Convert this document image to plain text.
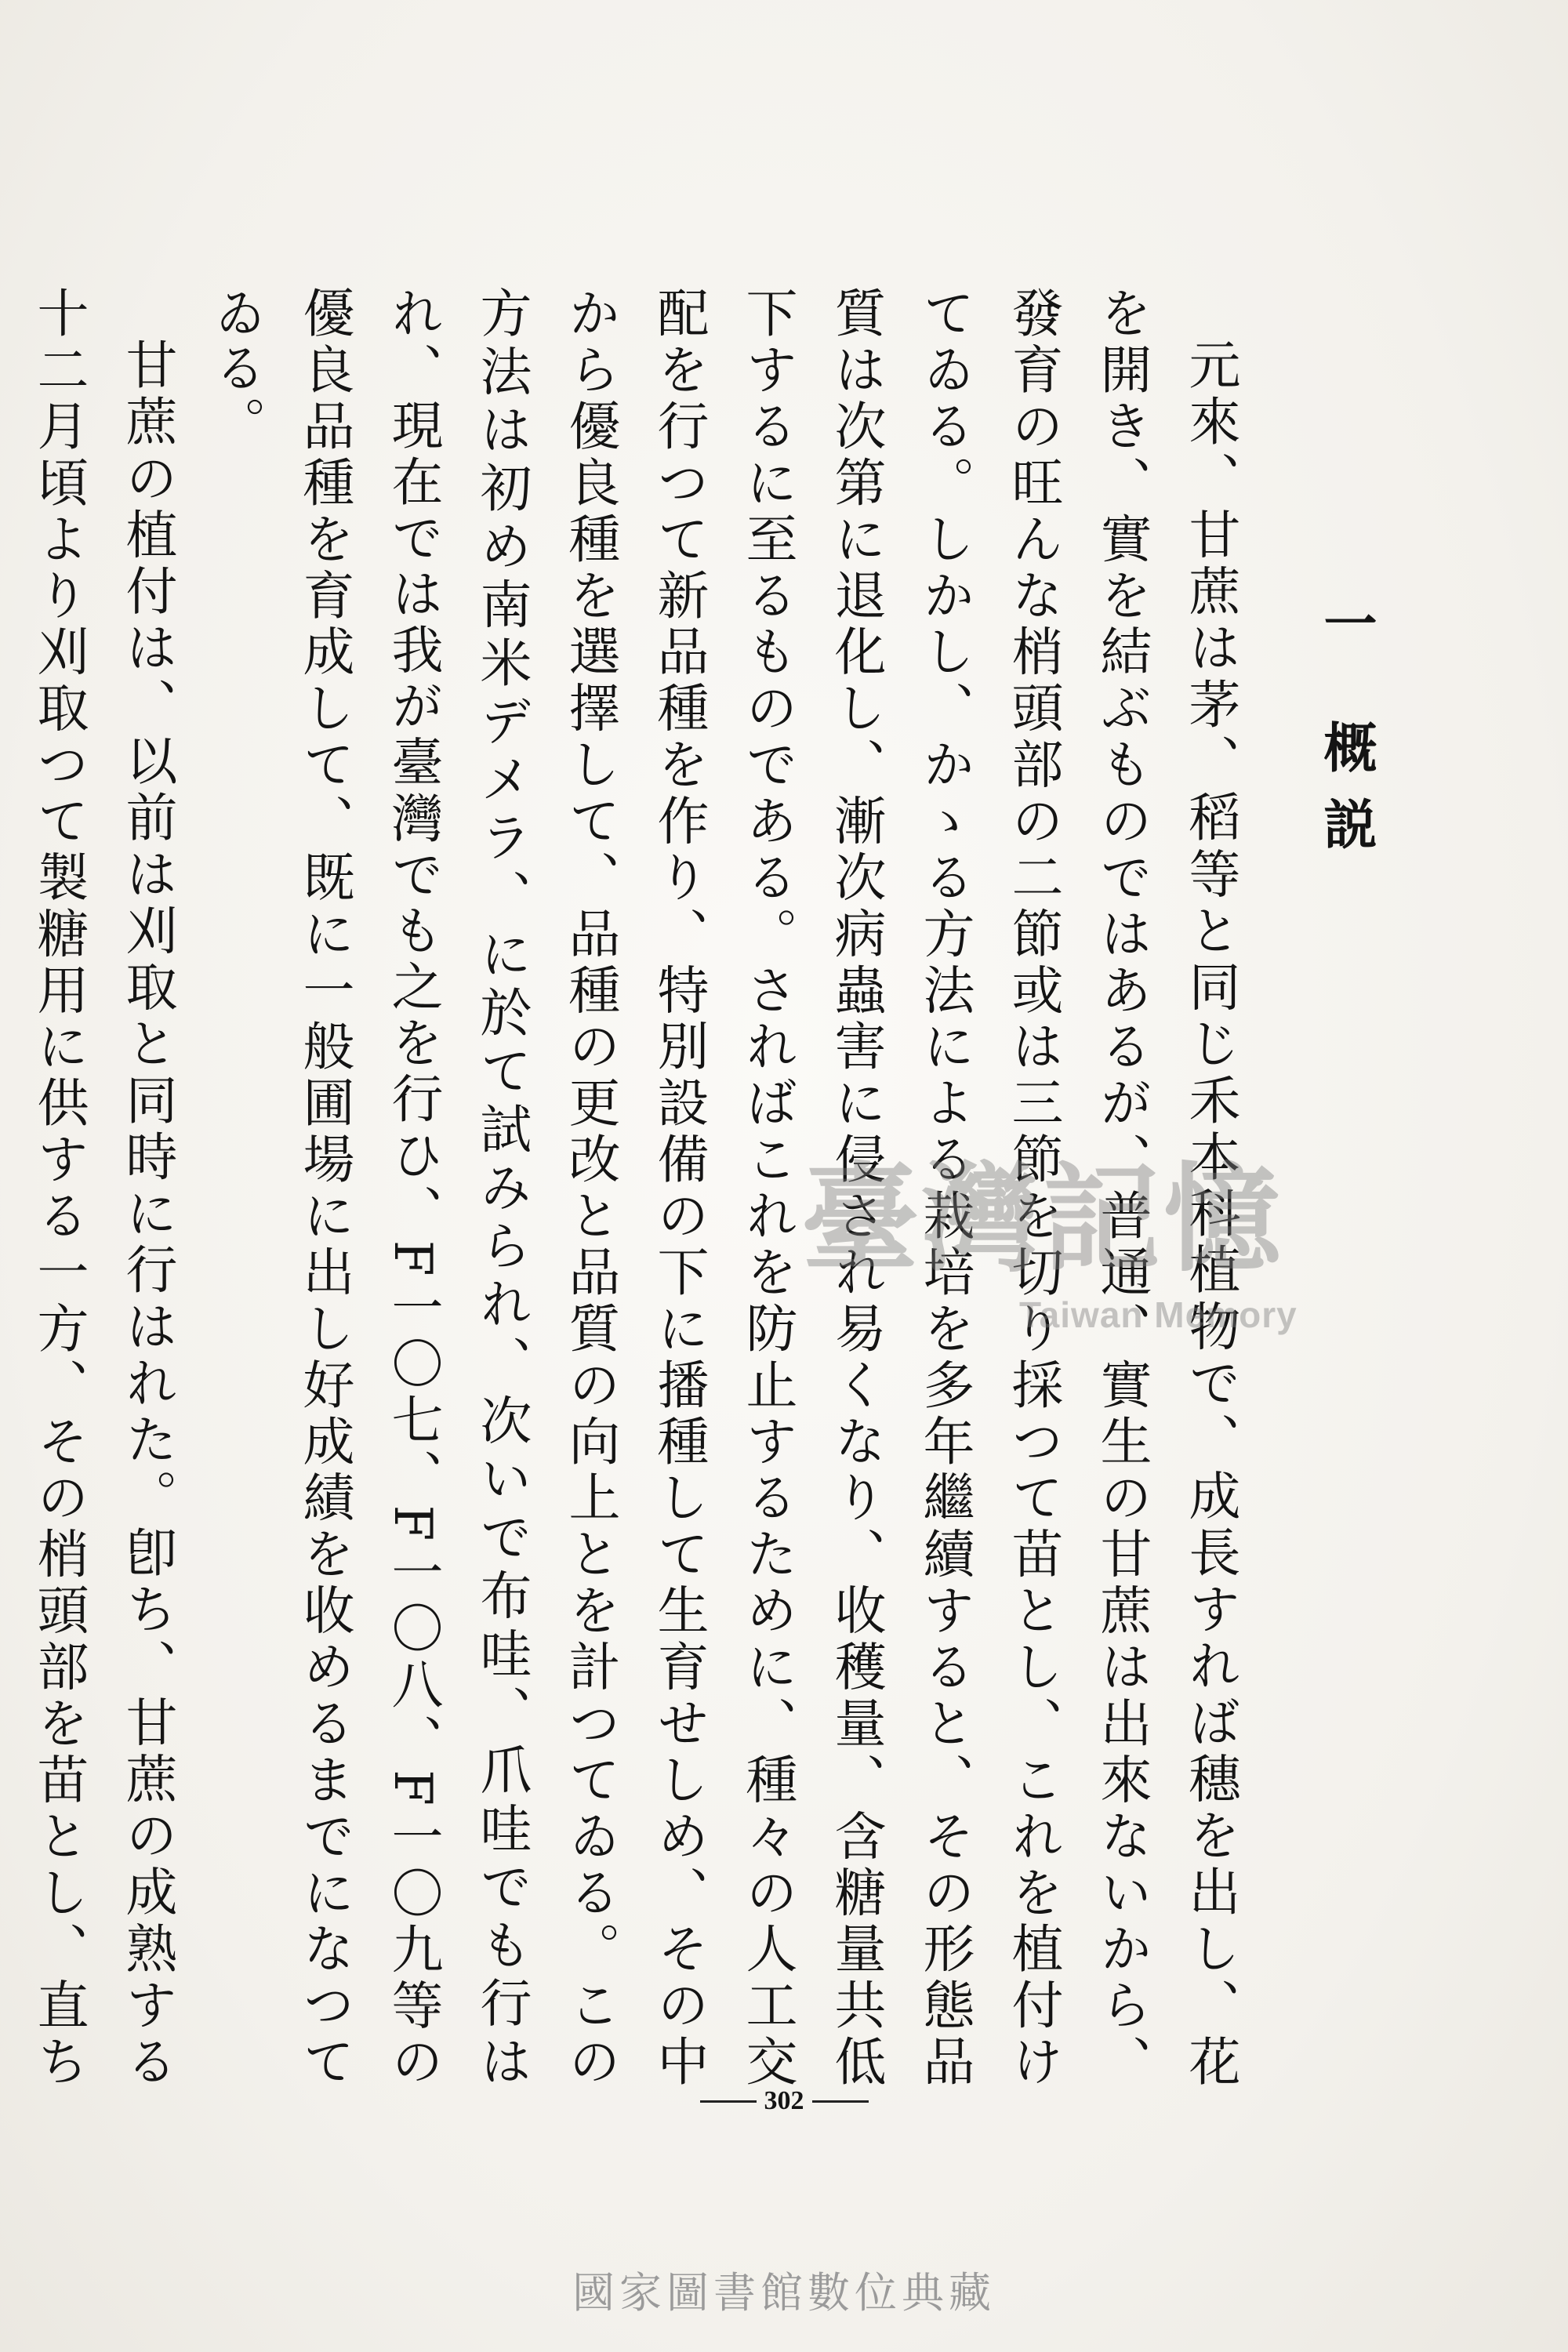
一概説

元來、甘蔗は茅、稻等と同じ禾本科植物で、成長すれば穗を出し、花を開き、實を結ぶものではあるが、普通、實生の甘蔗は出來ないから、發育の旺んな梢頭部の二節或は三節を切り採つて苗とし、これを植付けてゐる。しかし、かゝる方法による栽培を多年繼續すると、その形態品質は次第に退化し、漸次病蟲害に侵され易くなり、收穫量、含糖量共低下するに至るものである。さればこれを防止するために、種々の人工交配を行つて新品種を作り、特別設備の下に播種して生育せしめ、その中から優良種を選擇して、品種の更改と品質の向上とを計つてゐる。この方法は初め南米デメラ、に於て試みられ、次いで布哇、爪哇でも行はれ、現在では我が臺灣でも之を行ひ、F一〇七、F一〇八、F一〇九等の優良品種を育成して、既に一般圃場に出し好成績を收めるまでになつてゐる。

甘蔗の植付は、以前は刈取と同時に行はれた。卽ち、甘蔗の成熟する十二月頃より刈取つて製糖用に供する一方、その梢頭部を苗とし、直ち

臺灣記憶
Taiwan Memory
302
國家圖書館數位典藏
